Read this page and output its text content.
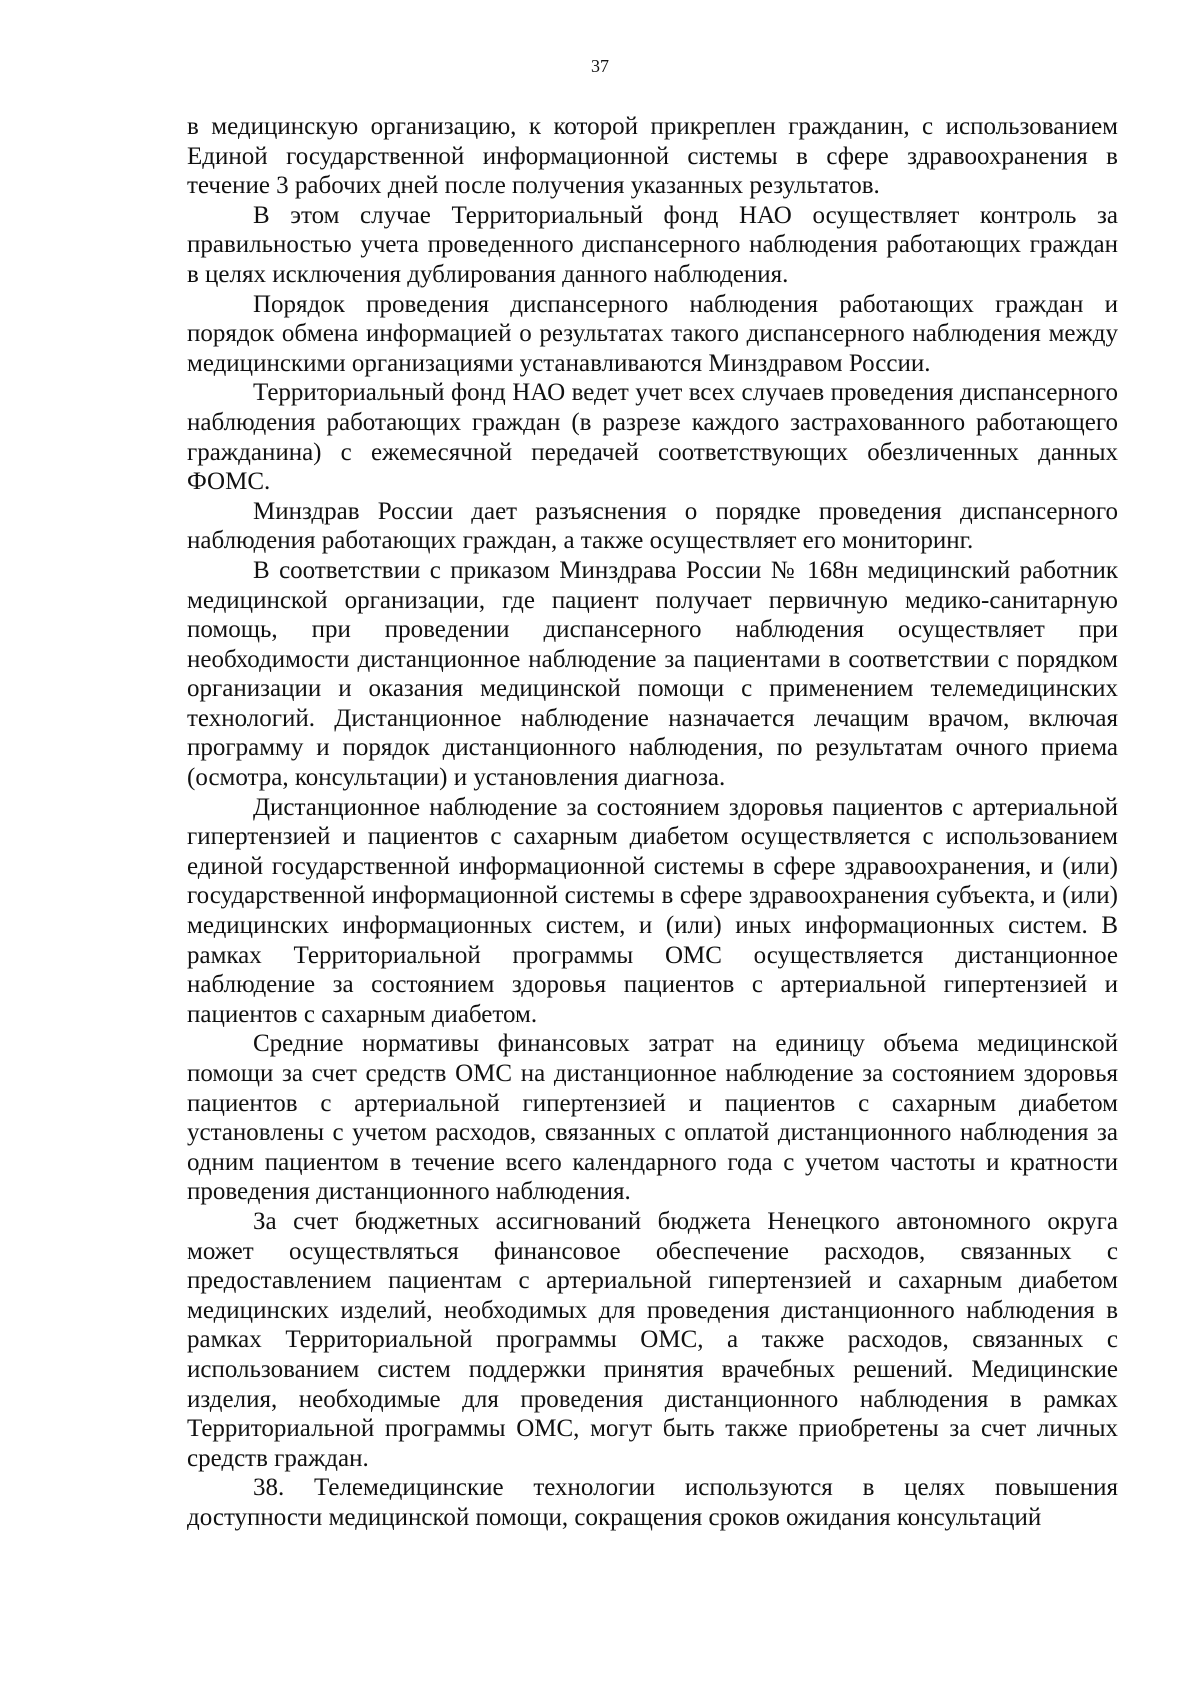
37

в медицинскую организацию, к которой прикреплен гражданин, с использованием Единой государственной информационной системы в сфере здравоохранения в течение 3 рабочих дней после получения указанных результатов.

В этом случае Территориальный фонд НАО осуществляет контроль за правильностью учета проведенного диспансерного наблюдения работающих граждан в целях исключения дублирования данного наблюдения.

Порядок проведения диспансерного наблюдения работающих граждан и порядок обмена информацией о результатах такого диспансерного наблюдения между медицинскими организациями устанавливаются Минздравом России.

Территориальный фонд НАО ведет учет всех случаев проведения диспансерного наблюдения работающих граждан (в разрезе каждого застрахованного работающего гражданина) с ежемесячной передачей соответствующих обезличенных данных ФОМС.

Минздрав России дает разъяснения о порядке проведения диспансерного наблюдения работающих граждан, а также осуществляет его мониторинг.

В соответствии с приказом Минздрава России № 168н медицинский работник медицинской организации, где пациент получает первичную медико-санитарную помощь, при проведении диспансерного наблюдения осуществляет при необходимости дистанционное наблюдение за пациентами в соответствии с порядком организации и оказания медицинской помощи с применением телемедицинских технологий. Дистанционное наблюдение назначается лечащим врачом, включая программу и порядок дистанционного наблюдения, по результатам очного приема (осмотра, консультации) и установления диагноза.

Дистанционное наблюдение за состоянием здоровья пациентов с артериальной гипертензией и пациентов с сахарным диабетом осуществляется с использованием единой государственной информационной системы в сфере здравоохранения, и (или) государственной информационной системы в сфере здравоохранения субъекта, и (или) медицинских информационных систем, и (или) иных информационных систем. В рамках Территориальной программы ОМС осуществляется дистанционное наблюдение за состоянием здоровья пациентов с артериальной гипертензией и пациентов с сахарным диабетом.

Средние нормативы финансовых затрат на единицу объема медицинской помощи за счет средств ОМС на дистанционное наблюдение за состоянием здоровья пациентов с артериальной гипертензией и пациентов с сахарным диабетом установлены с учетом расходов, связанных с оплатой дистанционного наблюдения за одним пациентом в течение всего календарного года с учетом частоты и кратности проведения дистанционного наблюдения.

За счет бюджетных ассигнований бюджета Ненецкого автономного округа может осуществляться финансовое обеспечение расходов, связанных с предоставлением пациентам с артериальной гипертензией и сахарным диабетом медицинских изделий, необходимых для проведения дистанционного наблюдения в рамках Территориальной программы ОМС, а также расходов, связанных с использованием систем поддержки принятия врачебных решений. Медицинские изделия, необходимые для проведения дистанционного наблюдения в рамках Территориальной программы ОМС, могут быть также приобретены за счет личных средств граждан.

38. Телемедицинские технологии используются в целях повышения доступности медицинской помощи, сокращения сроков ожидания консультаций
